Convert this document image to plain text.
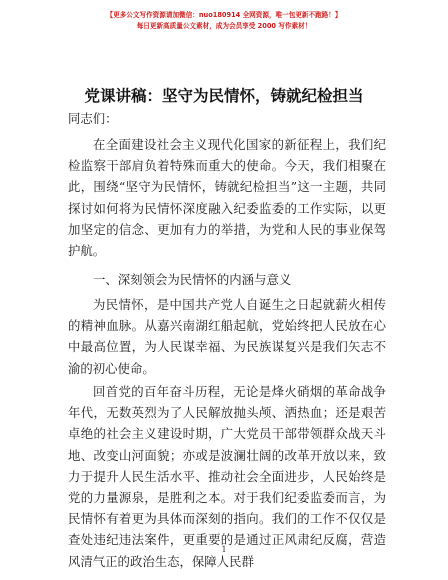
【更多公文写作资源请加微信：nuo180914 全网资源，唯一包更新不跑路！】
每日更新高质量公文素材，成为会员享受 2000 写作素材！
党课讲稿：坚守为民情怀，铸就纪检担当
同志们：
在全面建设社会主义现代化国家的新征程上，我们纪检监察干部肩负着特殊而重大的使命。今天，我们相聚在此，围绕“坚守为民情怀，铸就纪检担当”这一主题，共同探讨如何将为民情怀深度融入纪委监委的工作实际，以更加坚定的信念、更加有力的举措，为党和人民的事业保驾护航。
一、深刻领会为民情怀的内涵与意义
为民情怀，是中国共产党人自诞生之日起就薪火相传的精神血脉。从嘉兴南湖红船起航，党始终把人民放在心中最高位置，为人民谋幸福、为民族谋复兴是我们矢志不渝的初心使命。
回首党的百年奋斗历程，无论是烽火硝烟的革命战争年代，无数英烈为了人民解放抛头颅、洒热血；还是艰苦卓绝的社会主义建设时期，广大党员干部带领群众战天斗地、改变山河面貌；亦或是波澜壮阔的改革开放以来，致力于提升人民生活水平、推动社会全面进步，人民始终是党的力量源泉，是胜利之本。对于我们纪委监委而言，为民情怀有着更为具体而深刻的指向。我们的工作不仅仅是查处违纪违法案件，更重要的是通过正风肃纪反腐，营造风清气正的政治生态，保障人民群
1
